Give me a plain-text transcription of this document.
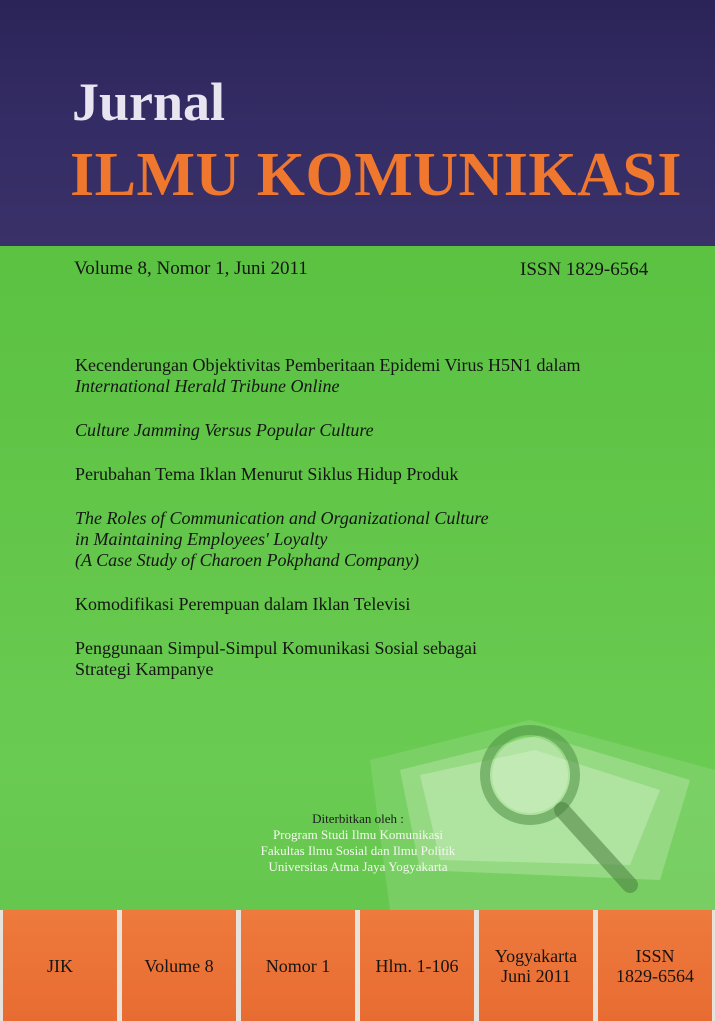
Jurnal
ILMU KOMUNIKASI
Volume 8, Nomor 1, Juni 2011	ISSN 1829-6564
Kecenderungan Objektivitas Pemberitaan Epidemi Virus H5N1 dalam
International Herald Tribune Online
Culture Jamming Versus Popular Culture
Perubahan Tema Iklan Menurut Siklus Hidup Produk
The Roles of Communication and Organizational Culture
in Maintaining Employees' Loyalty
(A Case Study of Charoen Pokphand Company)
Komodifikasi Perempuan dalam Iklan Televisi
Penggunaan Simpul-Simpul Komunikasi Sosial sebagai
Strategi Kampanye
Diterbitkan oleh :
Program Studi Ilmu Komunikasi
Fakultas Ilmu Sosial dan Ilmu Politik
Universitas Atma Jaya Yogyakarta
JIK	Volume 8	Nomor 1	Hlm. 1-106 Yogyakarta
Juni 2011
ISSN
1829-6564
